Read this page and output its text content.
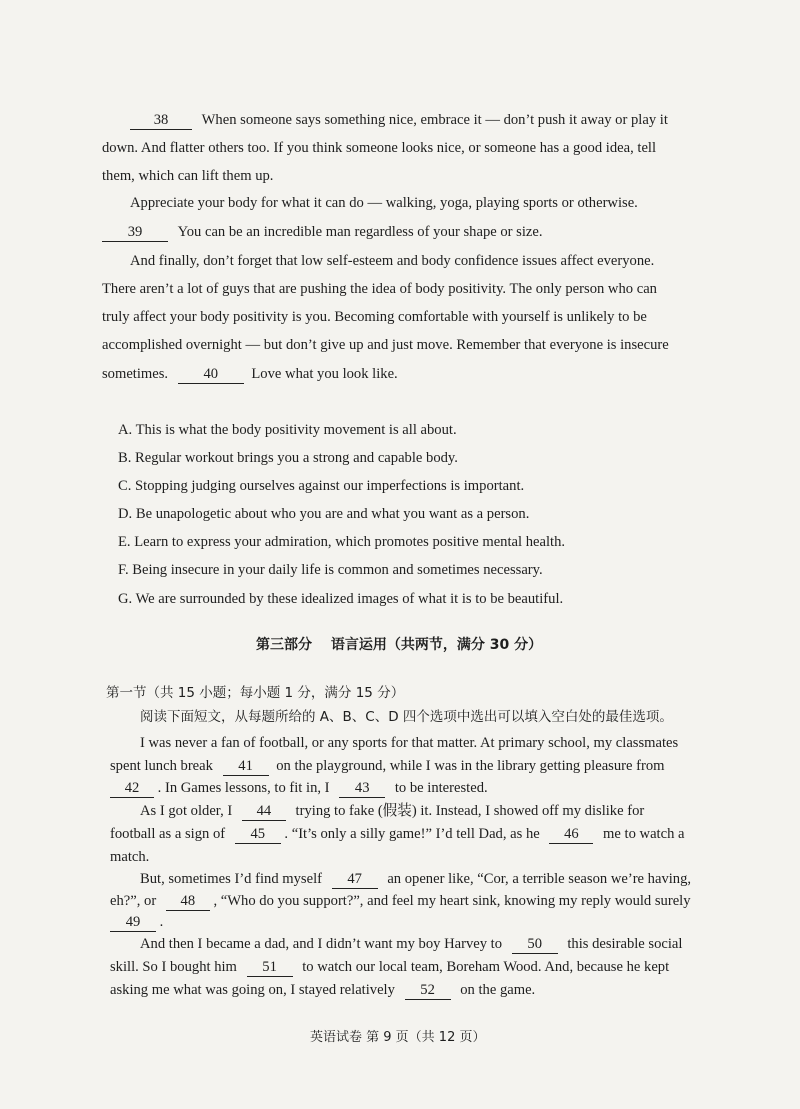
38 When someone says something nice, embrace it — don’t push it away or play it
down. And flatter others too. If you think someone looks nice, or someone has a good idea, tell
them, which can lift them up.
Appreciate your body for what it can do — walking, yoga, playing sports or otherwise.
39 You can be an incredible man regardless of your shape or size.
And finally, don’t forget that low self-esteem and body confidence issues affect everyone.
There aren’t a lot of guys that are pushing the idea of body positivity. The only person who can
truly affect your body positivity is you. Becoming comfortable with yourself is unlikely to be
accomplished overnight — but don’t give up and just move. Remember that everyone is insecure
sometimes. 40 Love what you look like.
A. This is what the body positivity movement is all about.
B. Regular workout brings you a strong and capable body.
C. Stopping judging ourselves against our imperfections is important.
D. Be unapologetic about who you are and what you want as a person.
E. Learn to express your admiration, which promotes positive mental health.
F. Being insecure in your daily life is common and sometimes necessary.
G. We are surrounded by these idealized images of what it is to be beautiful.
第三部分　 语言运用（共两节，满分 30 分）
第一节（共 15 小题；每小题 1 分，满分 15 分）
阅读下面短文，从每题所给的 A、B、C、D 四个选项中选出可以填入空白处的最佳选项。
I was never a fan of football, or any sports for that matter. At primary school, my classmates
spent lunch break 41 on the playground, while I was in the library getting pleasure from
42 . In Games lessons, to fit in, I 43 to be interested.
As I got older, I 44 trying to fake (假装) it. Instead, I showed off my dislike for
football as a sign of 45 . “It’s only a silly game!” I’d tell Dad, as he 46 me to watch a
match.
But, sometimes I’d find myself 47 an opener like, “Cor, a terrible season we’re having,
eh?”, or 48 , “Who do you support?”, and feel my heart sink, knowing my reply would surely
49 .
And then I became a dad, and I didn’t want my boy Harvey to 50 this desirable social
skill. So I bought him 51 to watch our local team, Boreham Wood. And, because he kept
asking me what was going on, I stayed relatively 52 on the game.
英语试卷 第 9 页（共 12 页）
